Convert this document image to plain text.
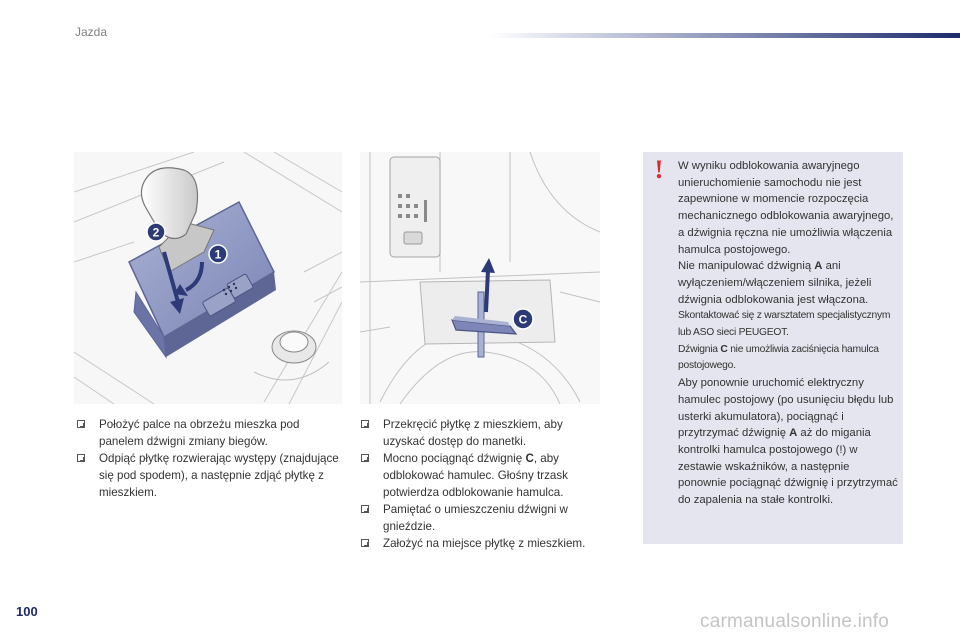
Jazda
2
1
C
Położyć palce na obrzeżu mieszka pod panelem dźwigni zmiany biegów.
Odpiąć płytkę rozwierając występy (znajdujące się pod spodem), a następnie zdjąć płytkę z mieszkiem.
Przekręcić płytkę z mieszkiem, aby uzyskać dostęp do manetki.
Mocno pociągnąć dźwignię C, aby odblokować hamulec. Głośny trzask potwierdza odblokowanie hamulca.
Pamiętać o umieszczeniu dźwigni w gnieździe.
Założyć na miejsce płytkę z mieszkiem.
! W wyniku odblokowania awaryjnego unieruchomienie samochodu nie jest zapewnione w momencie rozpoczęcia mechanicznego odblokowania awaryjnego, a dźwignia ręczna nie umożliwia włączenia hamulca postojowego.

Nie manipulować dźwignią A ani wyłączeniem/włączeniem silnika, jeżeli dźwignia odblokowania jest włączona.

Skontaktować się z warsztatem specjalistycznym lub ASO sieci PEUGEOT.

Dźwignia C nie umożliwia zaciśnięcia hamulca postojowego.

Aby ponownie uruchomić elektryczny hamulec postojowy (po usunięciu błędu lub usterki akumulatora), pociągnąć i przytrzymać dźwignię A aż do migania kontrolki hamulca postojowego (!) w zestawie wskaźników, a następnie ponownie pociągnąć dźwignię i przytrzymać do zapalenia na stałe kontrolki.

100	carmanualsonline.info
